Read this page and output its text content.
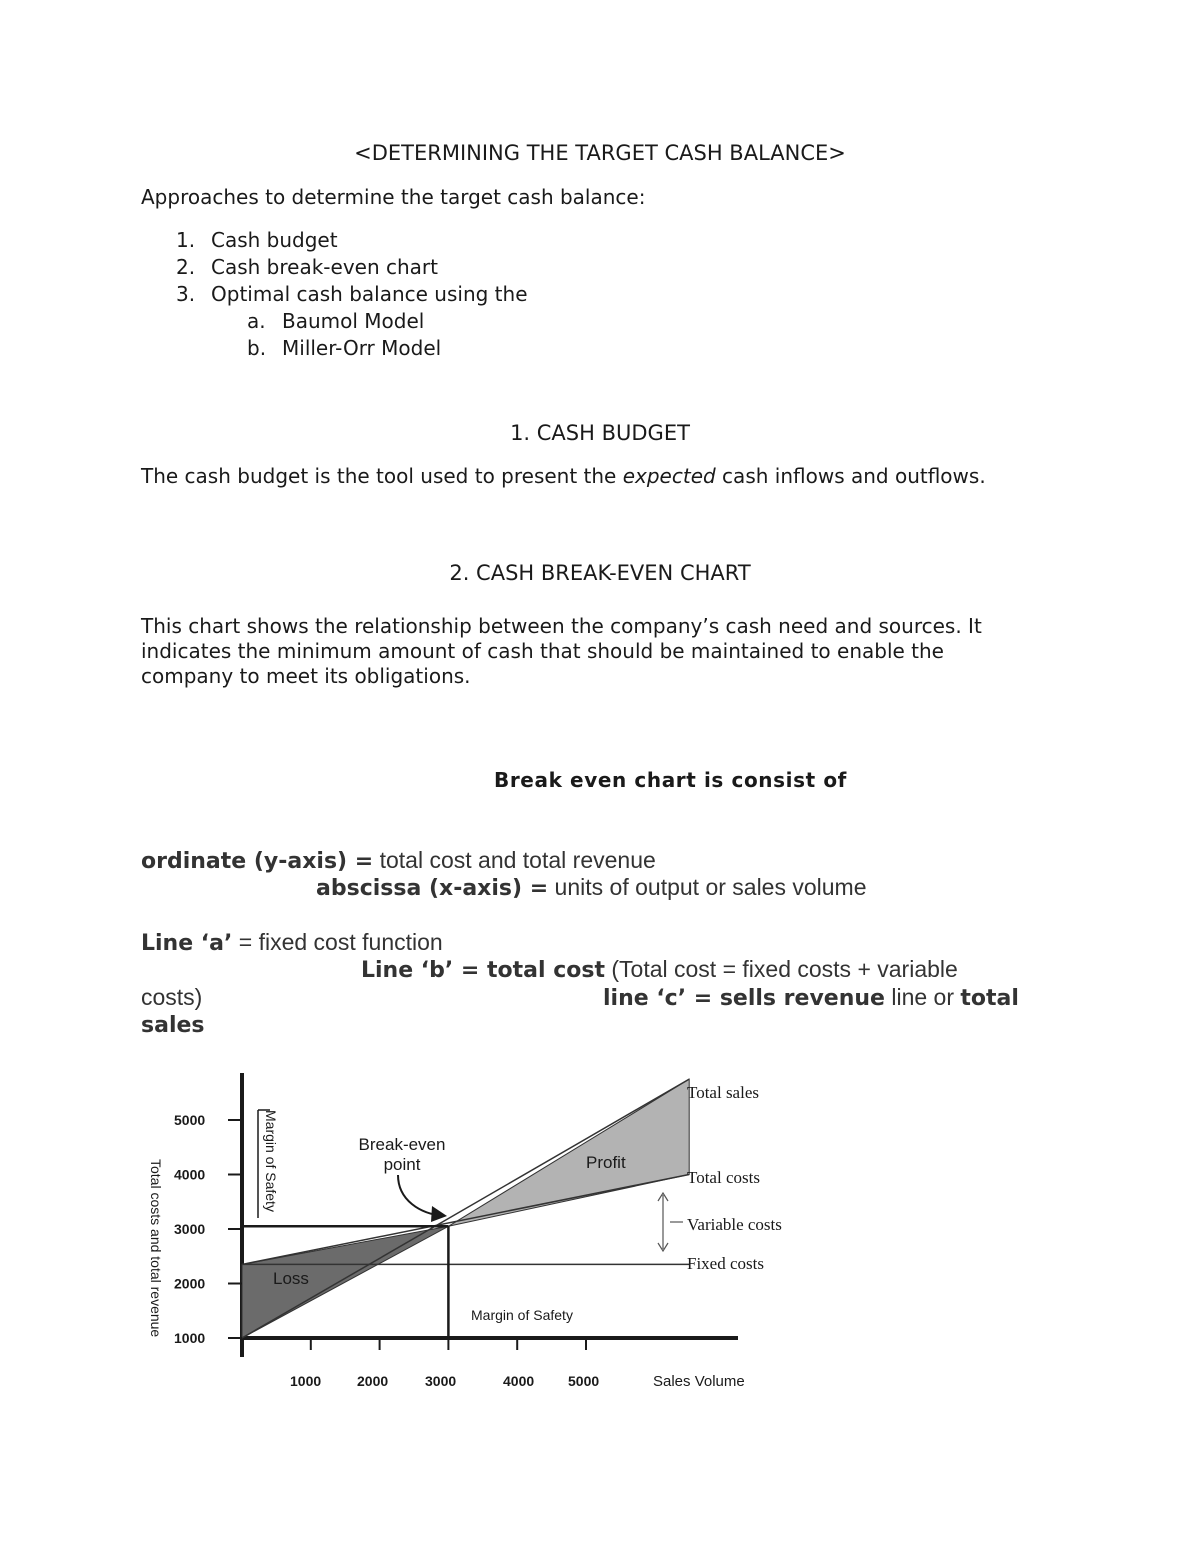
<DETERMINING THE TARGET CASH BALANCE>

Approaches to determine the target cash balance:

1. Cash budget
2. Cash break-even chart
3. Optimal cash balance using the
a. Baumol Model
b. Miller-Orr Model

1. CASH BUDGET

The cash budget is the tool used to present the expected cash inflows and outflows.

2. CASH BREAK-EVEN CHART

This chart shows the relationship between the company’s cash need and sources. It

indicates the minimum amount of cash that should be maintained to enable the

company to meet its obligations.

Break even chart is consist of

ordinate (y-axis) = total cost and total revenue

abscissa (x-axis) = units of output or sales volume

Line ‘a’ = fixed cost function

Line ‘b’ = total cost (Total cost = fixed costs + variable

costs)	line ‘c’ = sells revenue line or total

sales

1000
2000
3000
4000
5000
1000	2000	3000	4000 5000	Sales Volume
Total costs and total revenue
Total sales
Total costs
Fixed costs
Variable costs
Profit
Loss
Break-even
point
Margin of Safety
Margin of Safety
